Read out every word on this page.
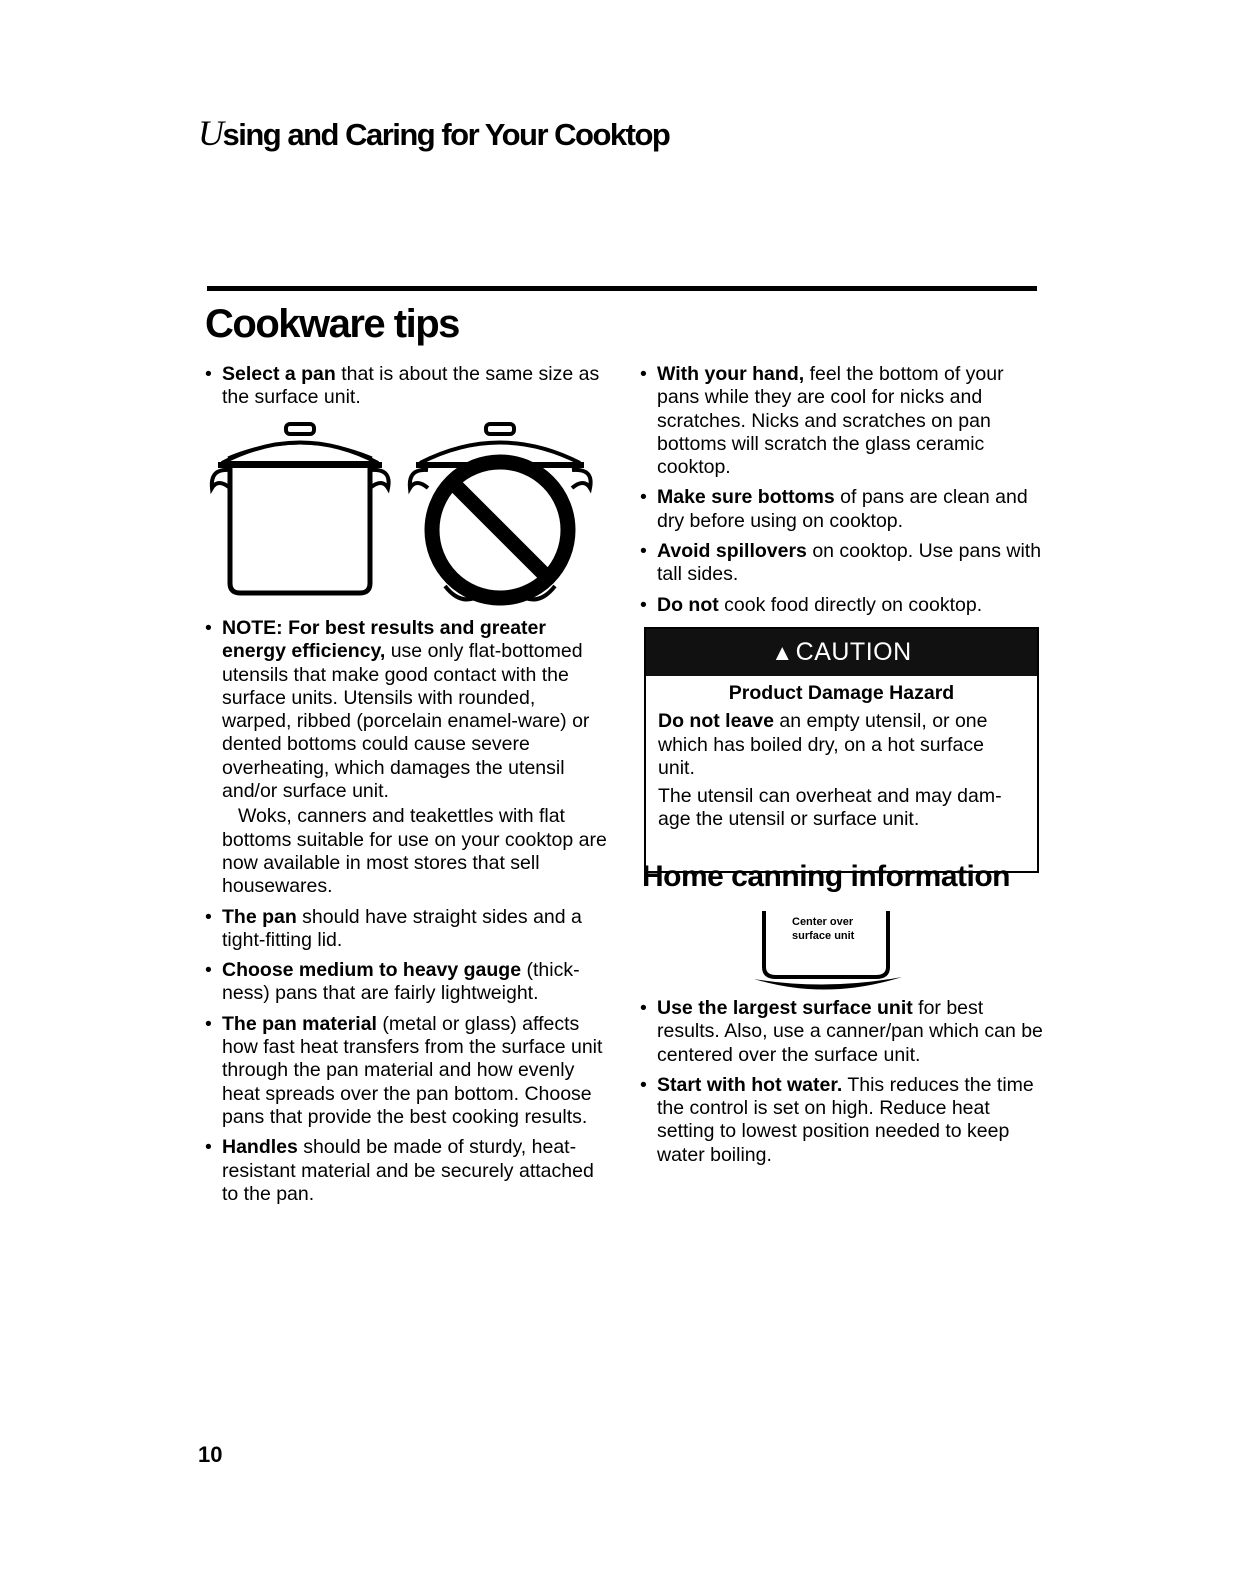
Using and Caring for Your Cooktop
Cookware tips

• Select a pan that is about the same size as the surface unit.

• NOTE: For best results and greater energy efficiency, use only flat-bottomed utensils that make good contact with the surface units. Utensils with rounded, warped, ribbed (porcelain enamel-ware) or dented bottoms could cause severe overheating, which damages the utensil and/or surface unit.

Woks, canners and teakettles with flat bottoms suitable for use on your cooktop are now available in most stores that sell housewares.

• The pan should have straight sides and a tight-fitting lid.

• Choose medium to heavy gauge (thick-ness) pans that are fairly lightweight.

• The pan material (metal or glass) affects how fast heat transfers from the surface unit through the pan material and how evenly heat spreads over the pan bottom. Choose pans that provide the best cooking results.

• Handles should be made of sturdy, heat-resistant material and be securely attached to the pan.

• With your hand, feel the bottom of your pans while they are cool for nicks and scratches. Nicks and scratches on pan bottoms will scratch the glass ceramic cooktop.

• Make sure bottoms of pans are clean and dry before using on cooktop.

• Avoid spillovers on cooktop. Use pans with tall sides.

• Do not cook food directly on cooktop.

▲ CAUTION
Product Damage Hazard

Do not leave an empty utensil, or one which has boiled dry, on a hot surface unit.

The utensil can overheat and may dam-age the utensil or surface unit.

Home canning information
Center over
surface unit

• Use the largest surface unit for best results. Also, use a canner/pan which can be centered over the surface unit.

• Start with hot water. This reduces the time the control is set on high. Reduce heat setting to lowest position needed to keep water boiling.

10
